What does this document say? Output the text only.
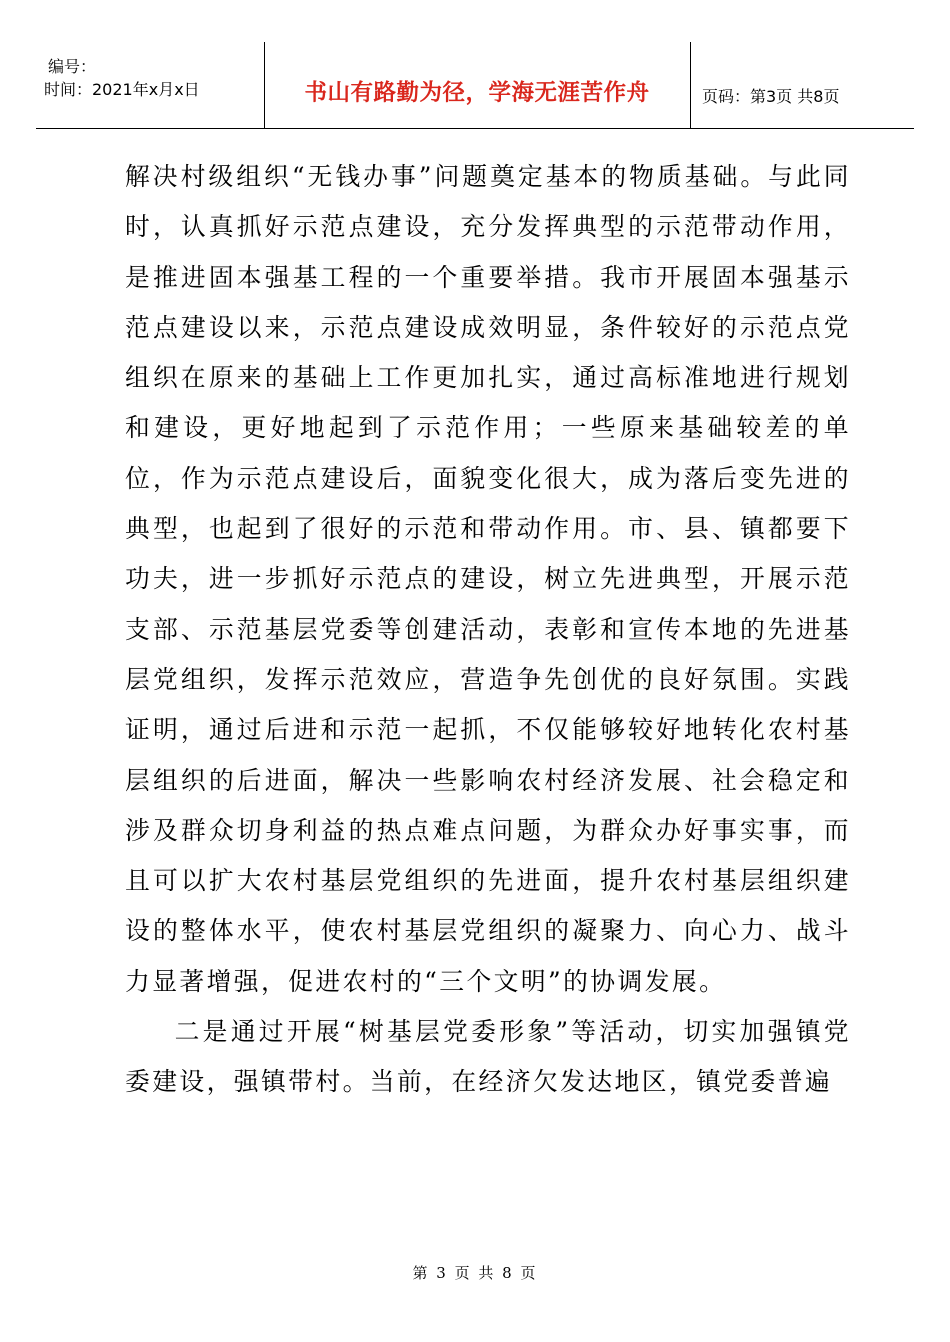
编号：
时间：2021年x月x日	书山有路勤为径，学海无涯苦作舟	页码：第3页 共8页

解决村级组织“无钱办事”问题奠定基本的物质基础。与此同时，认真抓好示范点建设，充分发挥典型的示范带动作用，是推进固本强基工程的一个重要举措。我市开展固本强基示范点建设以来，示范点建设成效明显，条件较好的示范点党组织在原来的基础上工作更加扎实，通过高标准地进行规划和建设，更好地起到了示范作用；一些原来基础较差的单位，作为示范点建设后，面貌变化很大，成为落后变先进的典型，也起到了很好的示范和带动作用。市、县、镇都要下功夫，进一步抓好示范点的建设，树立先进典型，开展示范支部、示范基层党委等创建活动，表彰和宣传本地的先进基层党组织，发挥示范效应，营造争先创优的良好氛围。实践证明，通过后进和示范一起抓，不仅能够较好地转化农村基层组织的后进面，解决一些影响农村经济发展、社会稳定和涉及群众切身利益的热点难点问题，为群众办好事实事，而且可以扩大农村基层党组织的先进面，提升农村基层组织建设的整体水平，使农村基层党组织的凝聚力、向心力、战斗力显著增强，促进农村的“三个文明”的协调发展。

二是通过开展“树基层党委形象”等活动，切实加强镇党委建设，强镇带村。当前，在经济欠发达地区，镇党委普遍

第 3 页 共 8 页
